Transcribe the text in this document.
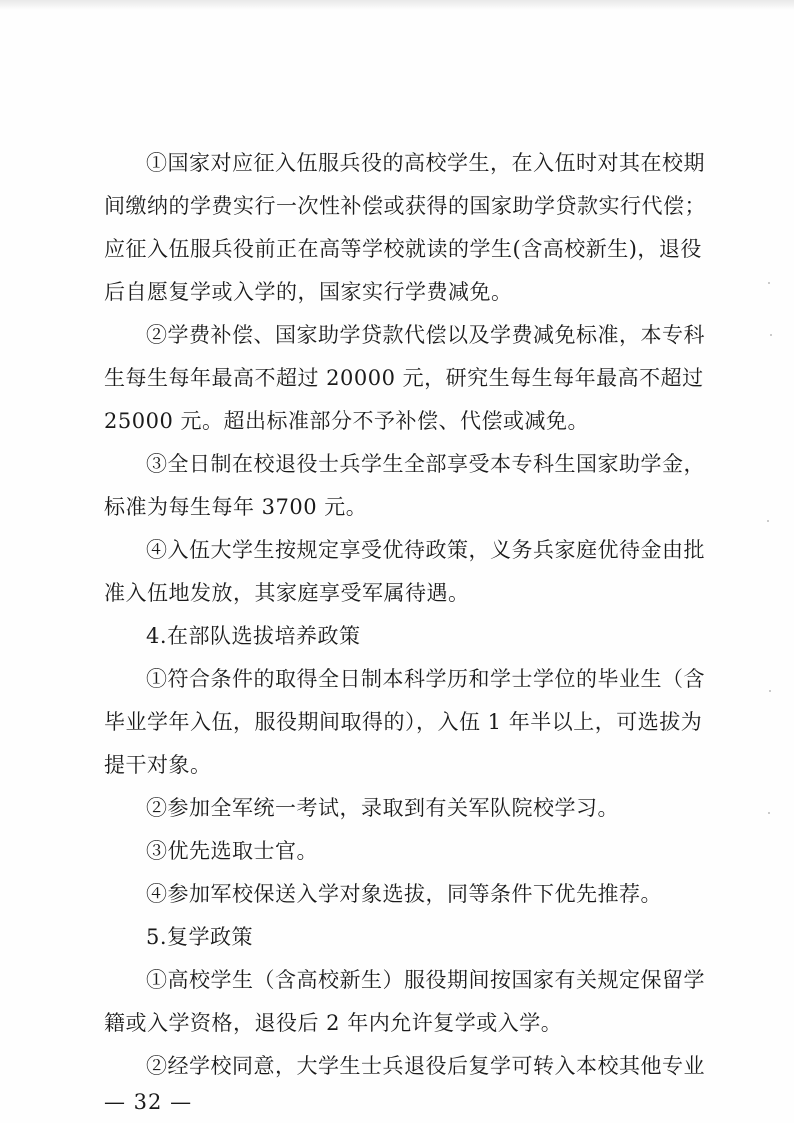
①国家对应征入伍服兵役的高校学生，在入伍时对其在校期
间缴纳的学费实行一次性补偿或获得的国家助学贷款实行代偿；
应征入伍服兵役前正在高等学校就读的学生(含高校新生)，退役
后自愿复学或入学的，国家实行学费减免。
②学费补偿、国家助学贷款代偿以及学费减免标准，本专科
生每生每年最高不超过 20000 元，研究生每生每年最高不超过
25000 元。超出标准部分不予补偿、代偿或减免。
③全日制在校退役士兵学生全部享受本专科生国家助学金，
标准为每生每年 3700 元。
④入伍大学生按规定享受优待政策，义务兵家庭优待金由批
准入伍地发放，其家庭享受军属待遇。
4.在部队选拔培养政策
①符合条件的取得全日制本科学历和学士学位的毕业生（含
毕业学年入伍，服役期间取得的），入伍 1 年半以上，可选拔为
提干对象。
②参加全军统一考试，录取到有关军队院校学习。
③优先选取士官。
④参加军校保送入学对象选拔，同等条件下优先推荐。
5.复学政策
①高校学生（含高校新生）服役期间按国家有关规定保留学
籍或入学资格，退役后 2 年内允许复学或入学。
②经学校同意，大学生士兵退役后复学可转入本校其他专业
— 32 —
